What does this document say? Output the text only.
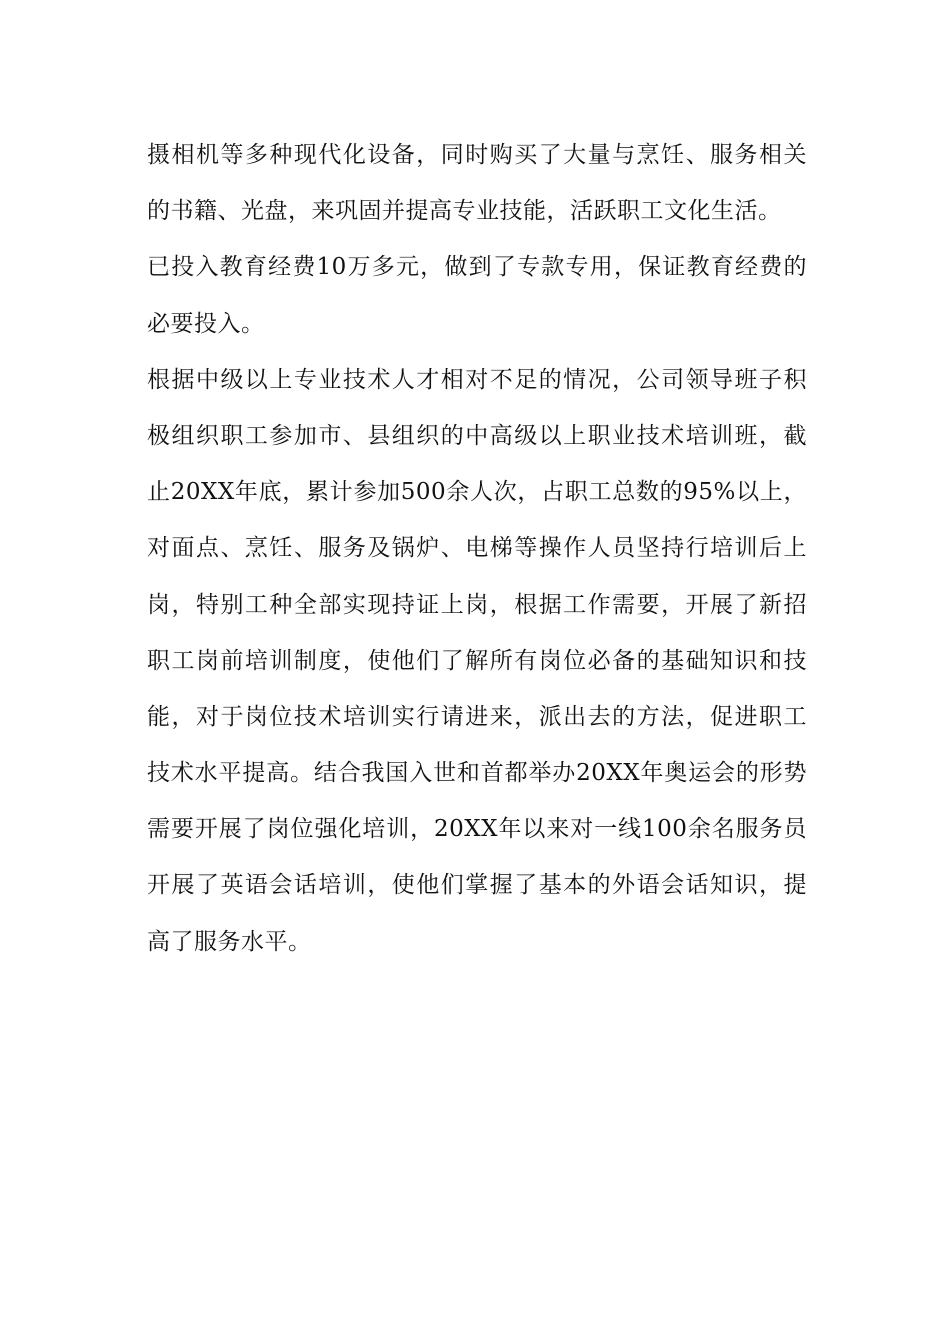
摄相机等多种现代化设备，同时购买了大量与烹饪、服务相关
的书籍、光盘，来巩固并提高专业技能，活跃职工文化生活。
已投入教育经费10万多元，做到了专款专用，保证教育经费的
必要投入。
根据中级以上专业技术人才相对不足的情况，公司领导班子积
极组织职工参加市、县组织的中高级以上职业技术培训班，截
止20XX年底，累计参加500余人次，占职工总数的95%以上，
对面点、烹饪、服务及锅炉、电梯等操作人员坚持行培训后上
岗，特别工种全部实现持证上岗，根据工作需要，开展了新招
职工岗前培训制度，使他们了解所有岗位必备的基础知识和技
能，对于岗位技术培训实行请进来，派出去的方法，促进职工
技术水平提高。结合我国入世和首都举办20XX年奥运会的形势
需要开展了岗位强化培训，20XX年以来对一线100余名服务员
开展了英语会话培训，使他们掌握了基本的外语会话知识，提
高了服务水平。
